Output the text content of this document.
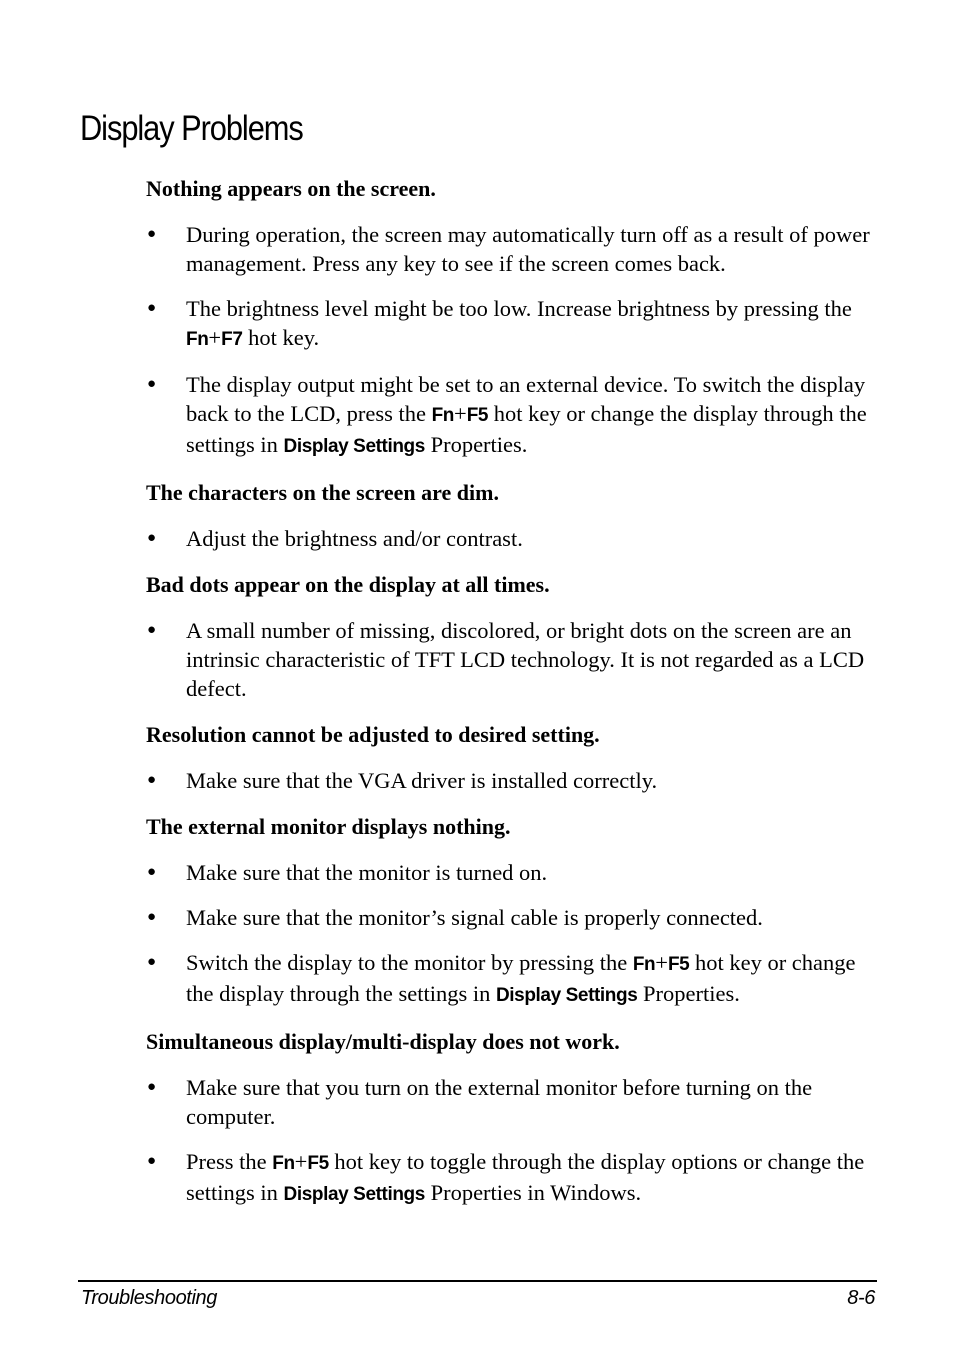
Display Problems

Nothing appears on the screen.

● During operation, the screen may automatically turn off as a result of power management. Press any key to see if the screen comes back.
● The brightness level might be too low. Increase brightness by pressing the Fn+F7 hot key.
● The display output might be set to an external device. To switch the display back to the LCD, press the Fn+F5 hot key or change the display through the settings in Display Settings Properties.

The characters on the screen are dim.

● Adjust the brightness and/or contrast.

Bad dots appear on the display at all times.

● A small number of missing, discolored, or bright dots on the screen are an intrinsic characteristic of TFT LCD technology. It is not regarded as a LCD defect.

Resolution cannot be adjusted to desired setting.

● Make sure that the VGA driver is installed correctly.

The external monitor displays nothing.

● Make sure that the monitor is turned on.
● Make sure that the monitor’s signal cable is properly connected.
● Switch the display to the monitor by pressing the Fn+F5 hot key or change the display through the settings in Display Settings Properties.

Simultaneous display/multi-display does not work.

● Make sure that you turn on the external monitor before turning on the computer.
● Press the Fn+F5 hot key to toggle through the display options or change the settings in Display Settings Properties in Windows.
Troubleshooting	8-6
